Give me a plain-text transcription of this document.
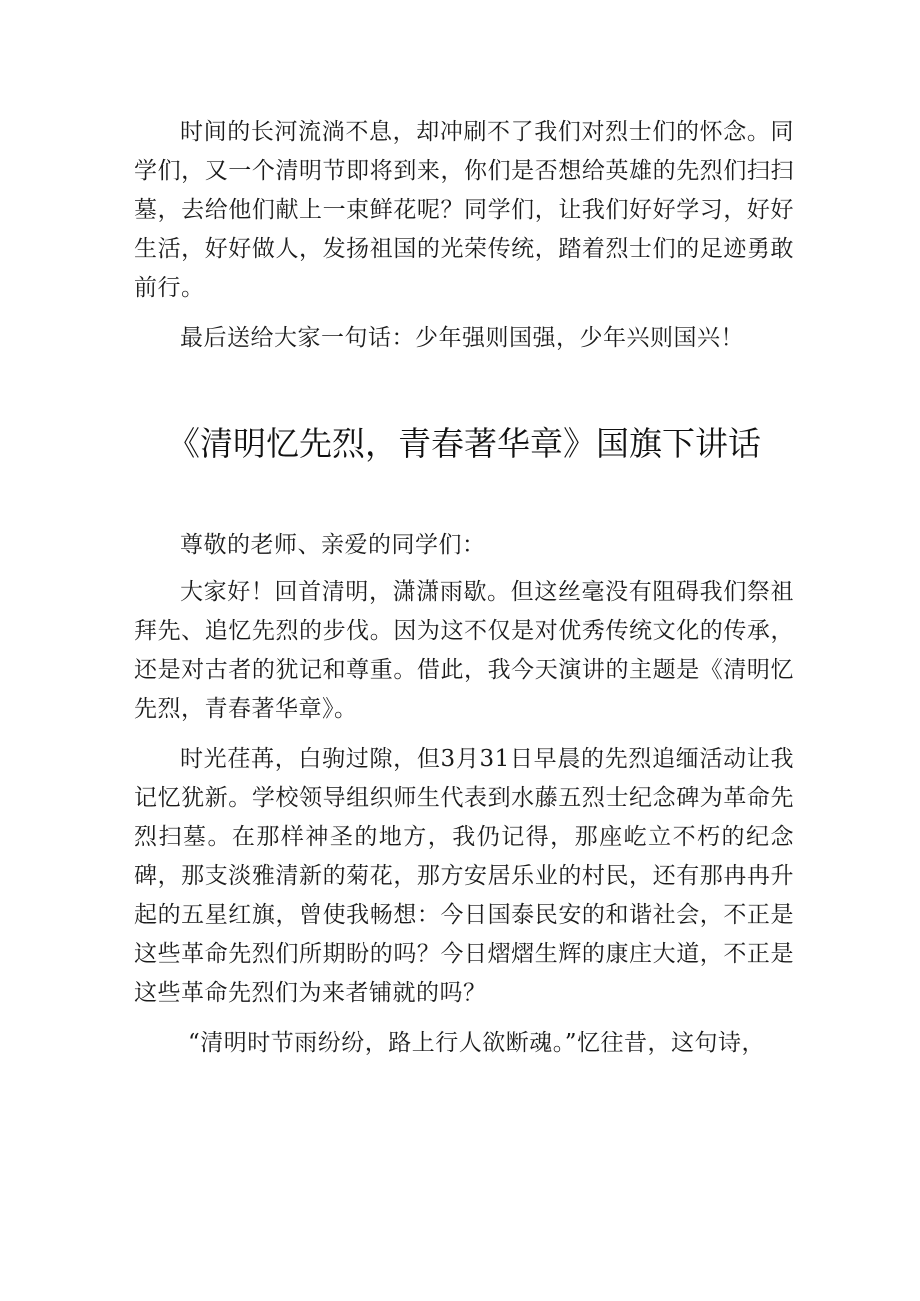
时间的长河流淌不息，却冲刷不了我们对烈士们的怀念。同学们，又一个清明节即将到来，你们是否想给英雄的先烈们扫扫墓，去给他们献上一束鲜花呢？同学们，让我们好好学习，好好生活，好好做人，发扬祖国的光荣传统，踏着烈士们的足迹勇敢前行。

最后送给大家一句话：少年强则国强，少年兴则国兴！

《清明忆先烈，青春著华章》国旗下讲话

尊敬的老师、亲爱的同学们：

大家好！回首清明，潇潇雨歇。但这丝毫没有阻碍我们祭祖拜先、追忆先烈的步伐。因为这不仅是对优秀传统文化的传承，还是对古者的犹记和尊重。借此，我今天演讲的主题是《清明忆先烈，青春著华章》。

时光荏苒，白驹过隙，但3月31日早晨的先烈追缅活动让我记忆犹新。学校领导组织师生代表到水藤五烈士纪念碑为革命先烈扫墓。在那样神圣的地方，我仍记得，那座屹立不朽的纪念碑，那支淡雅清新的菊花，那方安居乐业的村民，还有那冉冉升起的五星红旗，曾使我畅想：今日国泰民安的和谐社会，不正是这些革命先烈们所期盼的吗？今日熠熠生辉的康庄大道，不正是这些革命先烈们为来者铺就的吗？

“清明时节雨纷纷，路上行人欲断魂。”忆往昔，这句诗，
